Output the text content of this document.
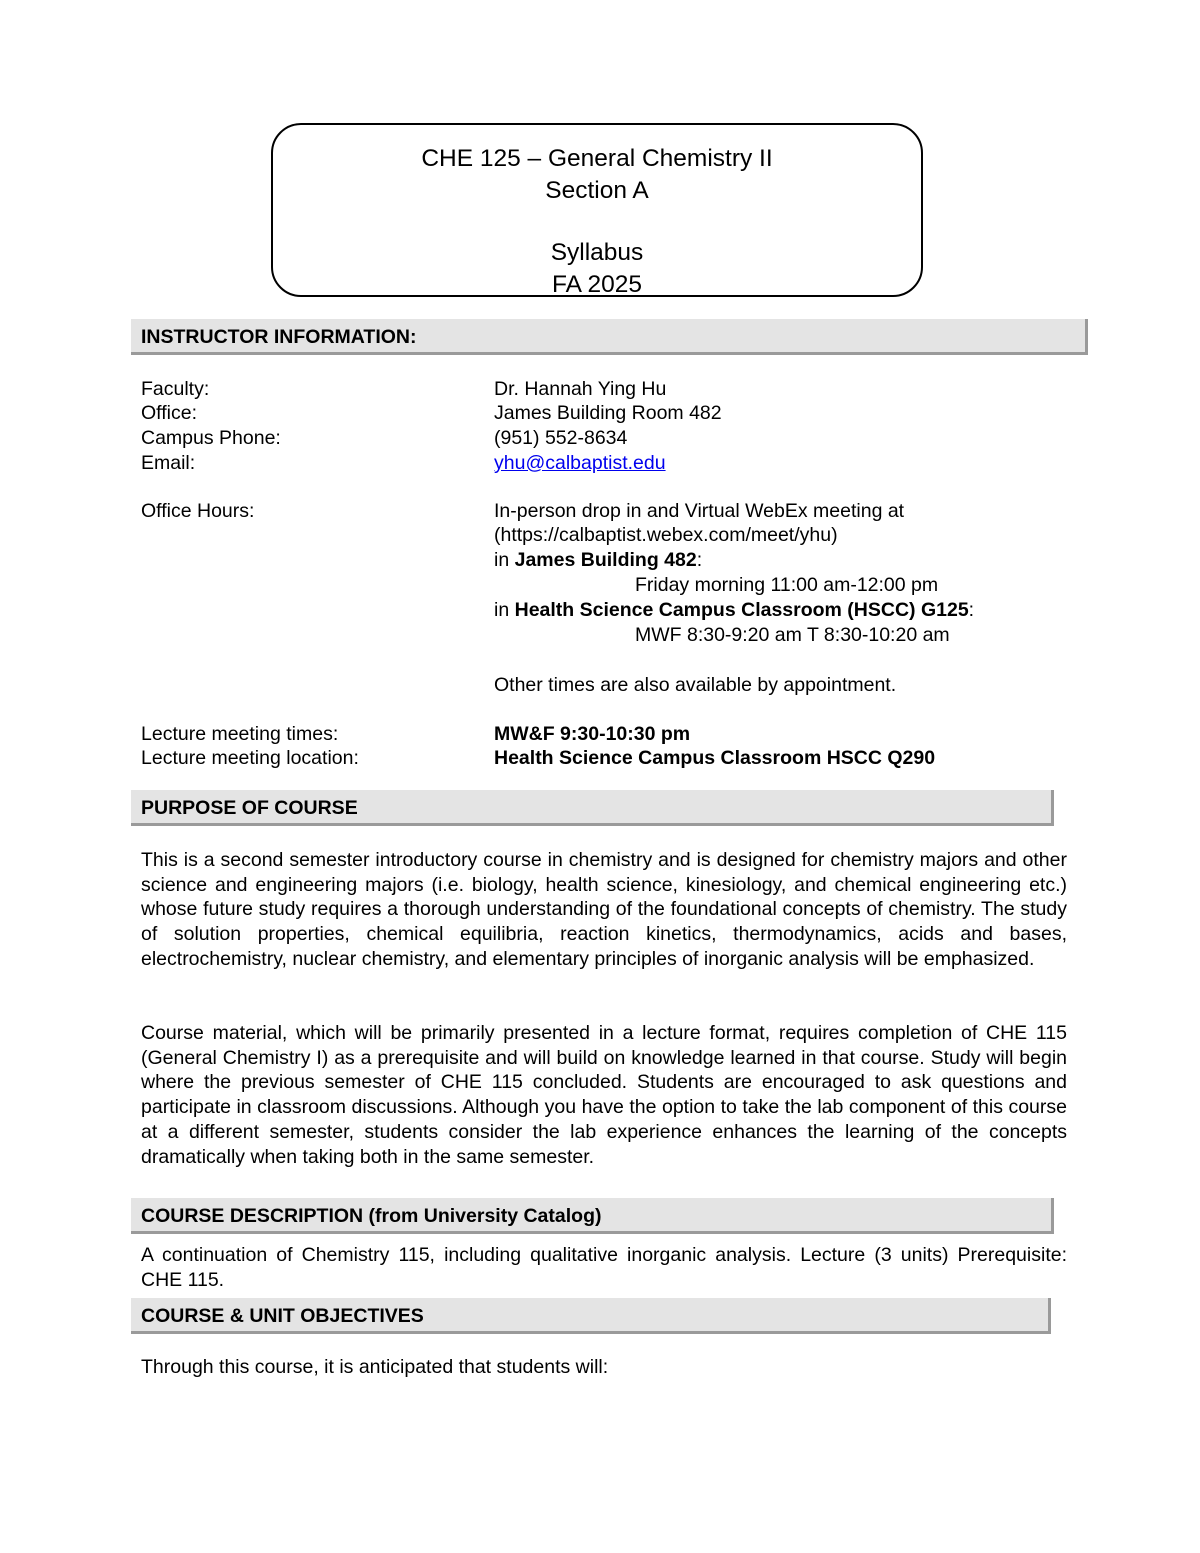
CHE 125 – General Chemistry II
Section A
Syllabus
FA 2025
INSTRUCTOR INFORMATION:
Faculty:	Dr. Hannah Ying Hu
Office:	James Building Room 482
Campus Phone:	(951) 552-8634
Email:	yhu@calbaptist.edu
Office Hours:	In-person drop in and Virtual WebEx meeting at
(https://calbaptist.webex.com/meet/yhu)
in James Building 482:
Friday morning 11:00 am-12:00 pm
in Health Science Campus Classroom (HSCC) G125:
MWF 8:30-9:20 am T 8:30-10:20 am
Other times are also available by appointment.
Lecture meeting times:	MW&F 9:30-10:30 pm
Lecture meeting location:	Health Science Campus Classroom HSCC Q290
PURPOSE OF COURSE
This is a second semester introductory course in chemistry and is designed for chemistry majors and other science and engineering majors (i.e. biology, health science, kinesiology, and chemical engineering etc.) whose future study requires a thorough understanding of the foundational concepts of chemistry. The study of solution properties, chemical equilibria, reaction kinetics, thermodynamics, acids and bases, electrochemistry, nuclear chemistry, and elementary principles of inorganic analysis will be emphasized.
Course material, which will be primarily presented in a lecture format, requires completion of CHE 115 (General Chemistry I) as a prerequisite and will build on knowledge learned in that course. Study will begin where the previous semester of CHE 115 concluded. Students are encouraged to ask questions and participate in classroom discussions. Although you have the option to take the lab component of this course at a different semester, students consider the lab experience enhances the learning of the concepts dramatically when taking both in the same semester.
COURSE DESCRIPTION (from University Catalog)
A continuation of Chemistry 115, including qualitative inorganic analysis. Lecture (3 units) Prerequisite: CHE 115.
COURSE & UNIT OBJECTIVES
Through this course, it is anticipated that students will:
